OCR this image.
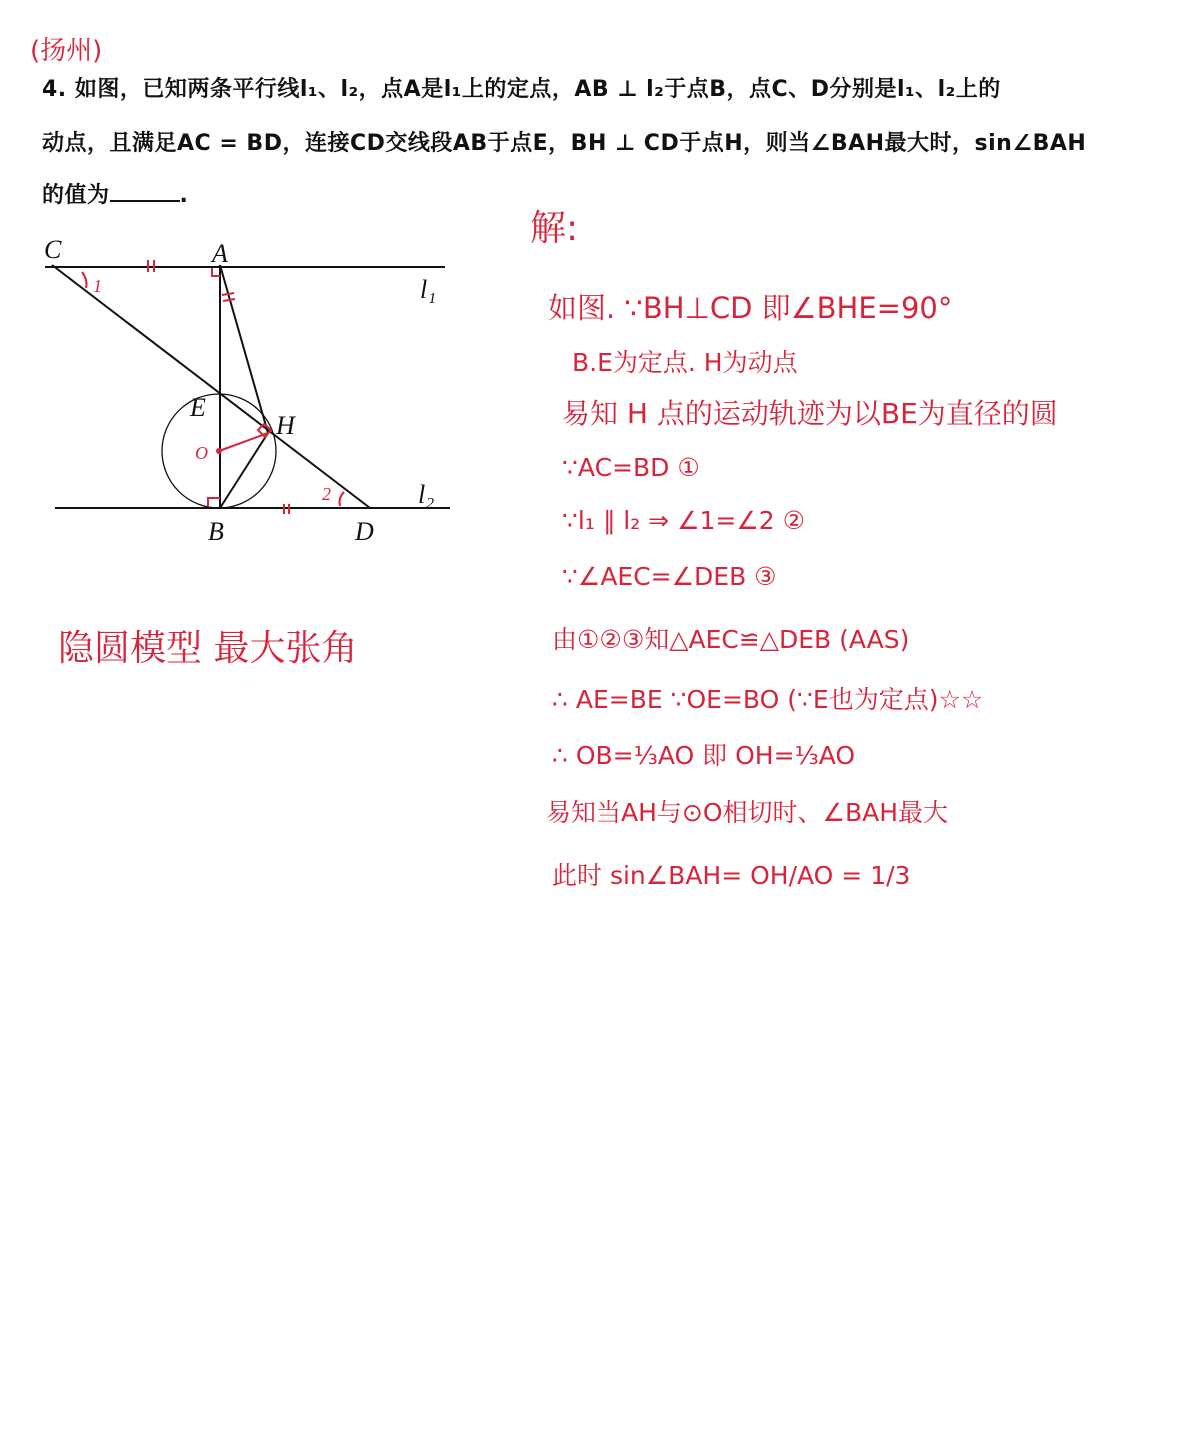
(扬州)
4. 如图，已知两条平行线l₁、l₂，点A是l₁上的定点，AB ⊥ l₂于点B，点C、D分别是l₁、l₂上的
动点，且满足AC = BD，连接CD交线段AB于点E，BH ⊥ CD于点H，则当∠BAH最大时，sin∠BAH
的值为	.
C	A
l₁
E
H
B	D
l₂
O
1
2
隐圆模型 最大张角
解:
如图. ∵BH⊥CD 即∠BHE=90°
B.E为定点. H为动点
易知 H 点的运动轨迹为以BE为直径的圆
∵AC=BD ①
∵l₁ ∥ l₂ ⇒ ∠1=∠2 ②
∵∠AEC=∠DEB ③
由①②③知△AEC≌△DEB (AAS)
∴ AE=BE ∵OE=BO (∵E也为定点)☆☆
∴ OB=⅓AO 即 OH=⅓AO
易知当AH与⊙O相切时、∠BAH最大
此时 sin∠BAH= OH/AO = 1/3
